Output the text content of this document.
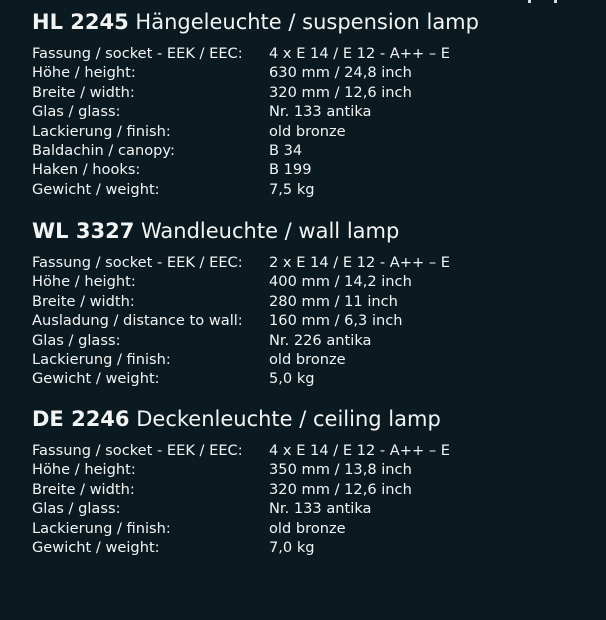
HL 2245 Hängeleuchte / suspension lamp
Fassung / socket - EEK / EEC: 4 x E 14 / E 12 - A++ – E
Höhe / height:	630 mm / 24,8 inch
Breite / width:	320 mm / 12,6 inch
Glas / glass:	Nr. 133 antika
Lackierung / finish:	old bronze
Baldachin / canopy:	B 34
Haken / hooks:	B 199
Gewicht / weight:	7,5 kg
WL 3327 Wandleuchte / wall lamp
Fassung / socket - EEK / EEC: 2 x E 14 / E 12 - A++ – E
Höhe / height:	400 mm / 14,2 inch
Breite / width:	280 mm / 11 inch
Ausladung / distance to wall: 160 mm / 6,3 inch
Glas / glass:	Nr. 226 antika
Lackierung / finish:	old bronze
Gewicht / weight:	5,0 kg
DE 2246 Deckenleuchte / ceiling lamp
Fassung / socket - EEK / EEC: 4 x E 14 / E 12 - A++ – E
Höhe / height:	350 mm / 13,8 inch
Breite / width:	320 mm / 12,6 inch
Glas / glass:	Nr. 133 antika
Lackierung / finish:	old bronze
Gewicht / weight:	7,0 kg
